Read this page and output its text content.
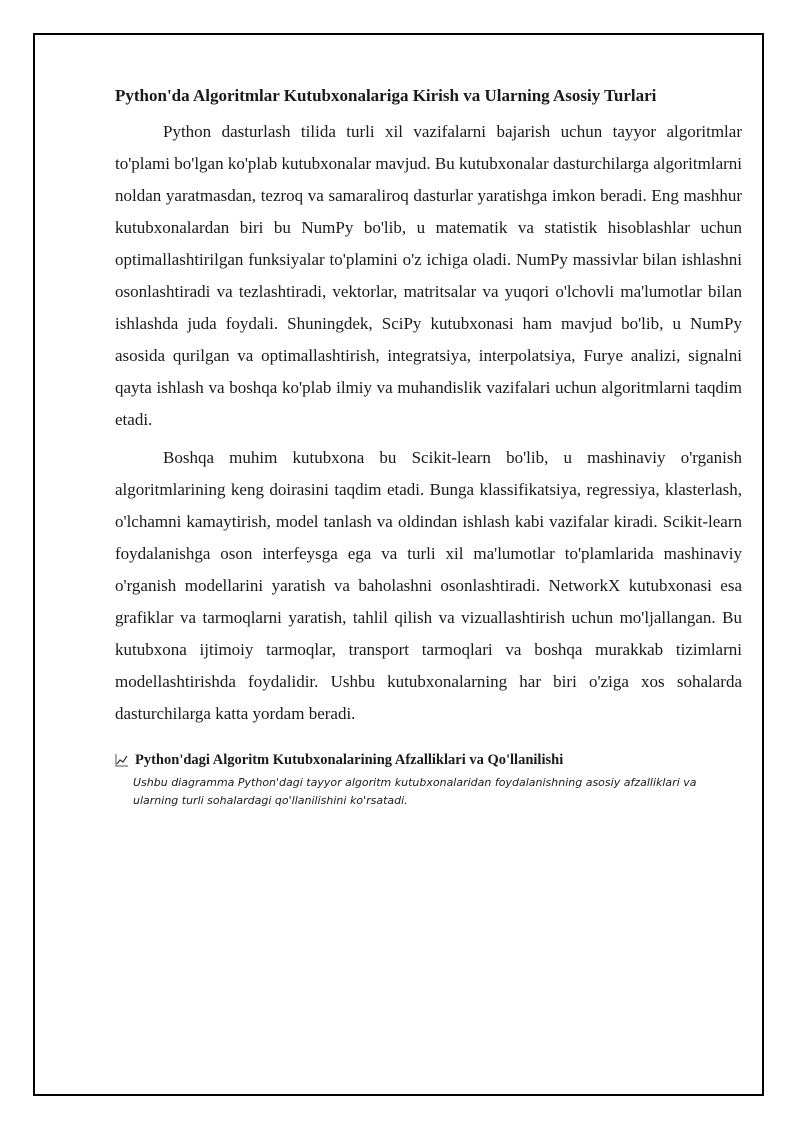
Python'da Algoritmlar Kutubxonalariga Kirish va Ularning Asosiy Turlari

Python dasturlash tilida turli xil vazifalarni bajarish uchun tayyor algoritmlar to'plami bo'lgan ko'plab kutubxonalar mavjud. Bu kutubxonalar dasturchilarga algoritmlarni noldan yaratmasdan, tezroq va samaraliroq dasturlar yaratishga imkon beradi. Eng mashhur kutubxonalardan biri bu NumPy bo'lib, u matematik va statistik hisoblashlar uchun optimallashtirilgan funksiyalar to'plamini o'z ichiga oladi. NumPy massivlar bilan ishlashni osonlashtiradi va tezlashtiradi, vektorlar, matritsalar va yuqori o'lchovli ma'lumotlar bilan ishlashda juda foydali. Shuningdek, SciPy kutubxonasi ham mavjud bo'lib, u NumPy asosida qurilgan va optimallashtirish, integratsiya, interpolatsiya, Furye analizi, signalni qayta ishlash va boshqa ko'plab ilmiy va muhandislik vazifalari uchun algoritmlarni taqdim etadi.

Boshqa muhim kutubxona bu Scikit-learn bo'lib, u mashinaviy o'rganish algoritmlarining keng doirasini taqdim etadi. Bunga klassifikatsiya, regressiya, klasterlash, o'lchamni kamaytirish, model tanlash va oldindan ishlash kabi vazifalar kiradi. Scikit-learn foydalanishga oson interfeysga ega va turli xil ma'lumotlar to'plamlarida mashinaviy o'rganish modellarini yaratish va baholashni osonlashtiradi. NetworkX kutubxonasi esa grafiklar va tarmoqlarni yaratish, tahlil qilish va vizuallashtirish uchun mo'ljallangan. Bu kutubxona ijtimoiy tarmoqlar, transport tarmoqlari va boshqa murakkab tizimlarni modellashtirishda foydalidir. Ushbu kutubxonalarning har biri o'ziga xos sohalarda dasturchilarga katta yordam beradi.

Python'dagi Algoritm Kutubxonalarining Afzalliklari va Qo'llanilishi
Ushbu diagramma Python'dagi tayyor algoritm kutubxonalaridan foydalanishning asosiy afzalliklari va ularning turli sohalardagi qo'llanilishini ko'rsatadi.
